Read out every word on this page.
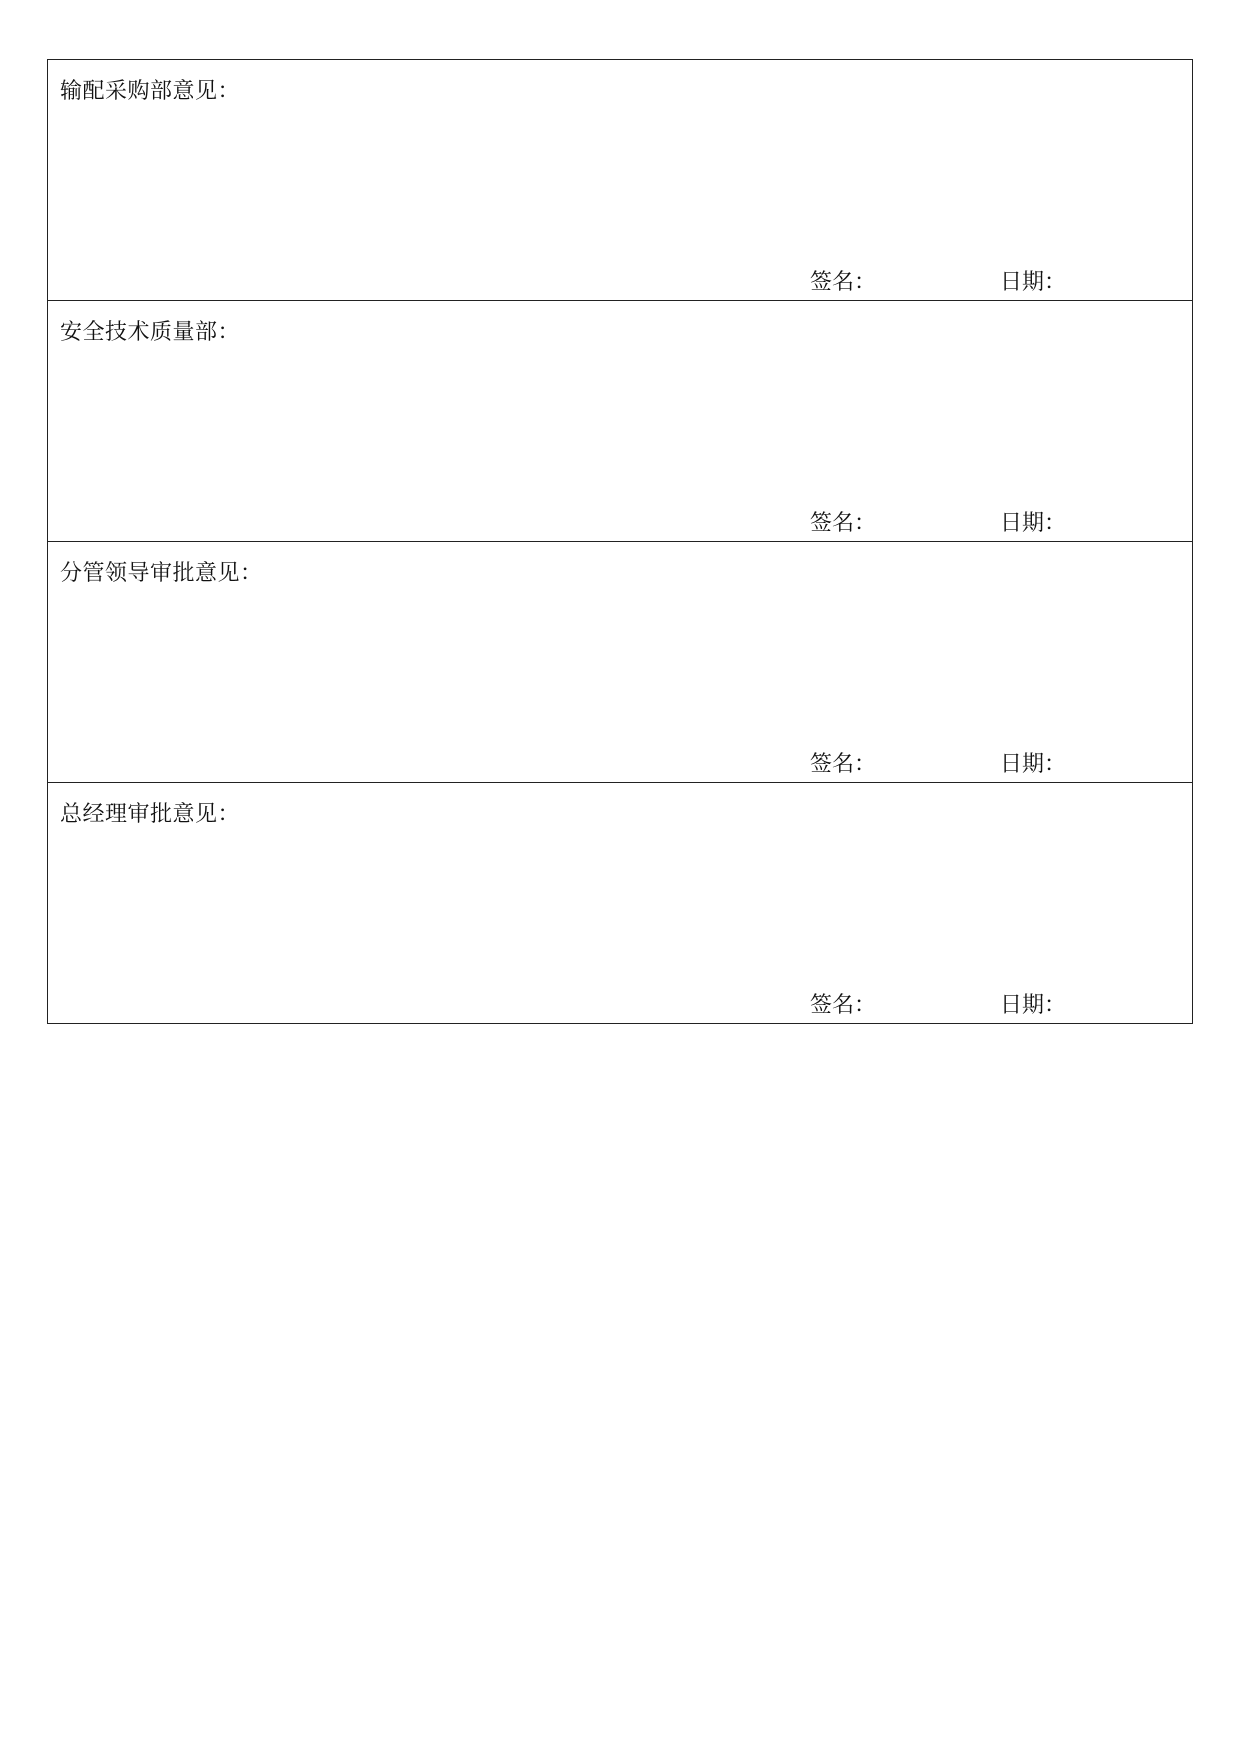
输配采购部意见：
签名：	日期：
安全技术质量部：
签名：	日期：
分管领导审批意见：
签名：	日期：
总经理审批意见：
签名：	日期：
